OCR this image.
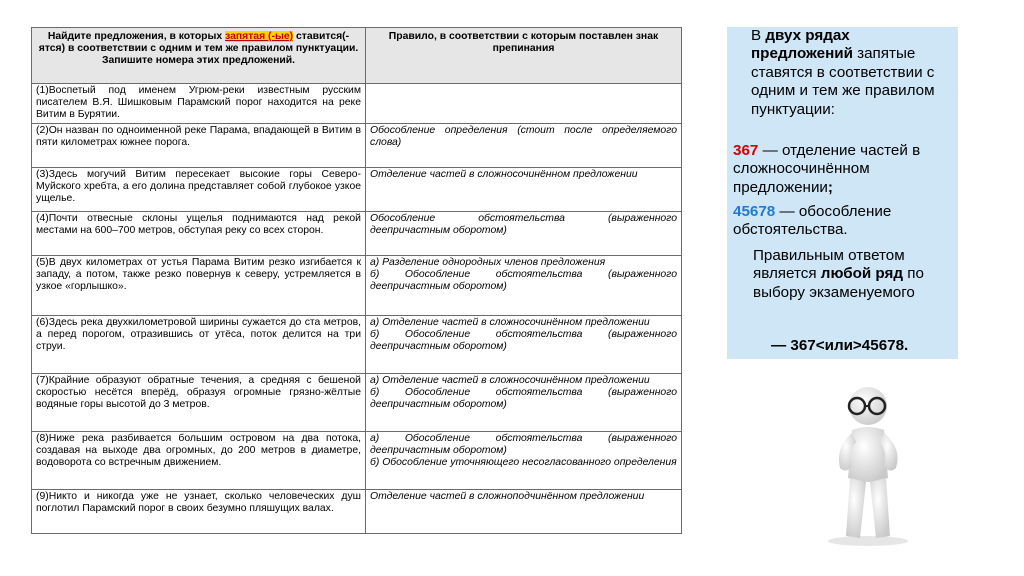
Найдите предложения, в которых запятая (-ые) ставится(-ятся) в соответствии с одним и тем же правилом пунктуации. Запишите номера этих предложений.	Правило, в соответствии с которым поставлен знак препинания
(1)Воспетый под именем Угрюм-реки известным русским писателем В.Я. Шишковым Парамский порог находится на реке Витим в Бурятии.	
(2)Он назван по одноименной реке Парама, впадающей в Витим в пяти километрах южнее порога.	Обособление определения (стоит после определяемого слова)

(3)Здесь могучий Витим пересекает высокие горы Северо-Муйского хребта, а его долина представляет собой глубокое узкое ущелье.	Отделение частей в сложносочинённом предложении

(4)Почти отвесные склоны ущелья поднимаются над рекой местами на 600–700 метров, обступая реку со всех сторон.	Обособление обстоятельства (выраженного деепричастным оборотом)

(5)В двух километрах от устья Парама Витим резко изгибается к западу, а потом, также резко повернув к северу, устремляется в узкое «горлышко».	а) Разделение однородных членов предложения
б) Обособление обстоятельства (выраженного деепричастным оборотом)

(6)Здесь река двухкилометровой ширины сужается до ста метров, а перед порогом, отразившись от утёса, поток делится на три струи.	а) Отделение частей в сложносочинённом предложении
б) Обособление обстоятельства (выраженного деепричастным оборотом)

(7)Крайние образуют обратные течения, а средняя с бешеной скоростью несётся вперёд, образуя огромные грязно-жёлтые водяные горы высотой до 3 метров.	а) Отделение частей в сложносочинённом предложении
б) Обособление обстоятельства (выраженного деепричастным оборотом)

(8)Ниже река разбивается большим островом на два потока, создавая на выходе два огромных, до 200 метров в диаметре, водоворота со встречным движением.	а) Обособление обстоятельства (выраженного деепричастным оборотом)
б) Обособление уточняющего несогласованного определения

(9)Никто и никогда уже не узнает, сколько человеческих душ поглотил Парамский порог в своих безумно пляшущих валах.	Отделение частей в сложноподчинённом предложении

В двух рядах предложений запятые ставятся в соответствии с одним и тем же правилом пунктуации:

367 — отделение частей в сложносочинённом предложении;

45678 — обособление обстоятельства.

Правильным ответом является любой ряд по выбору экзаменуемого

— 367<или>45678.
